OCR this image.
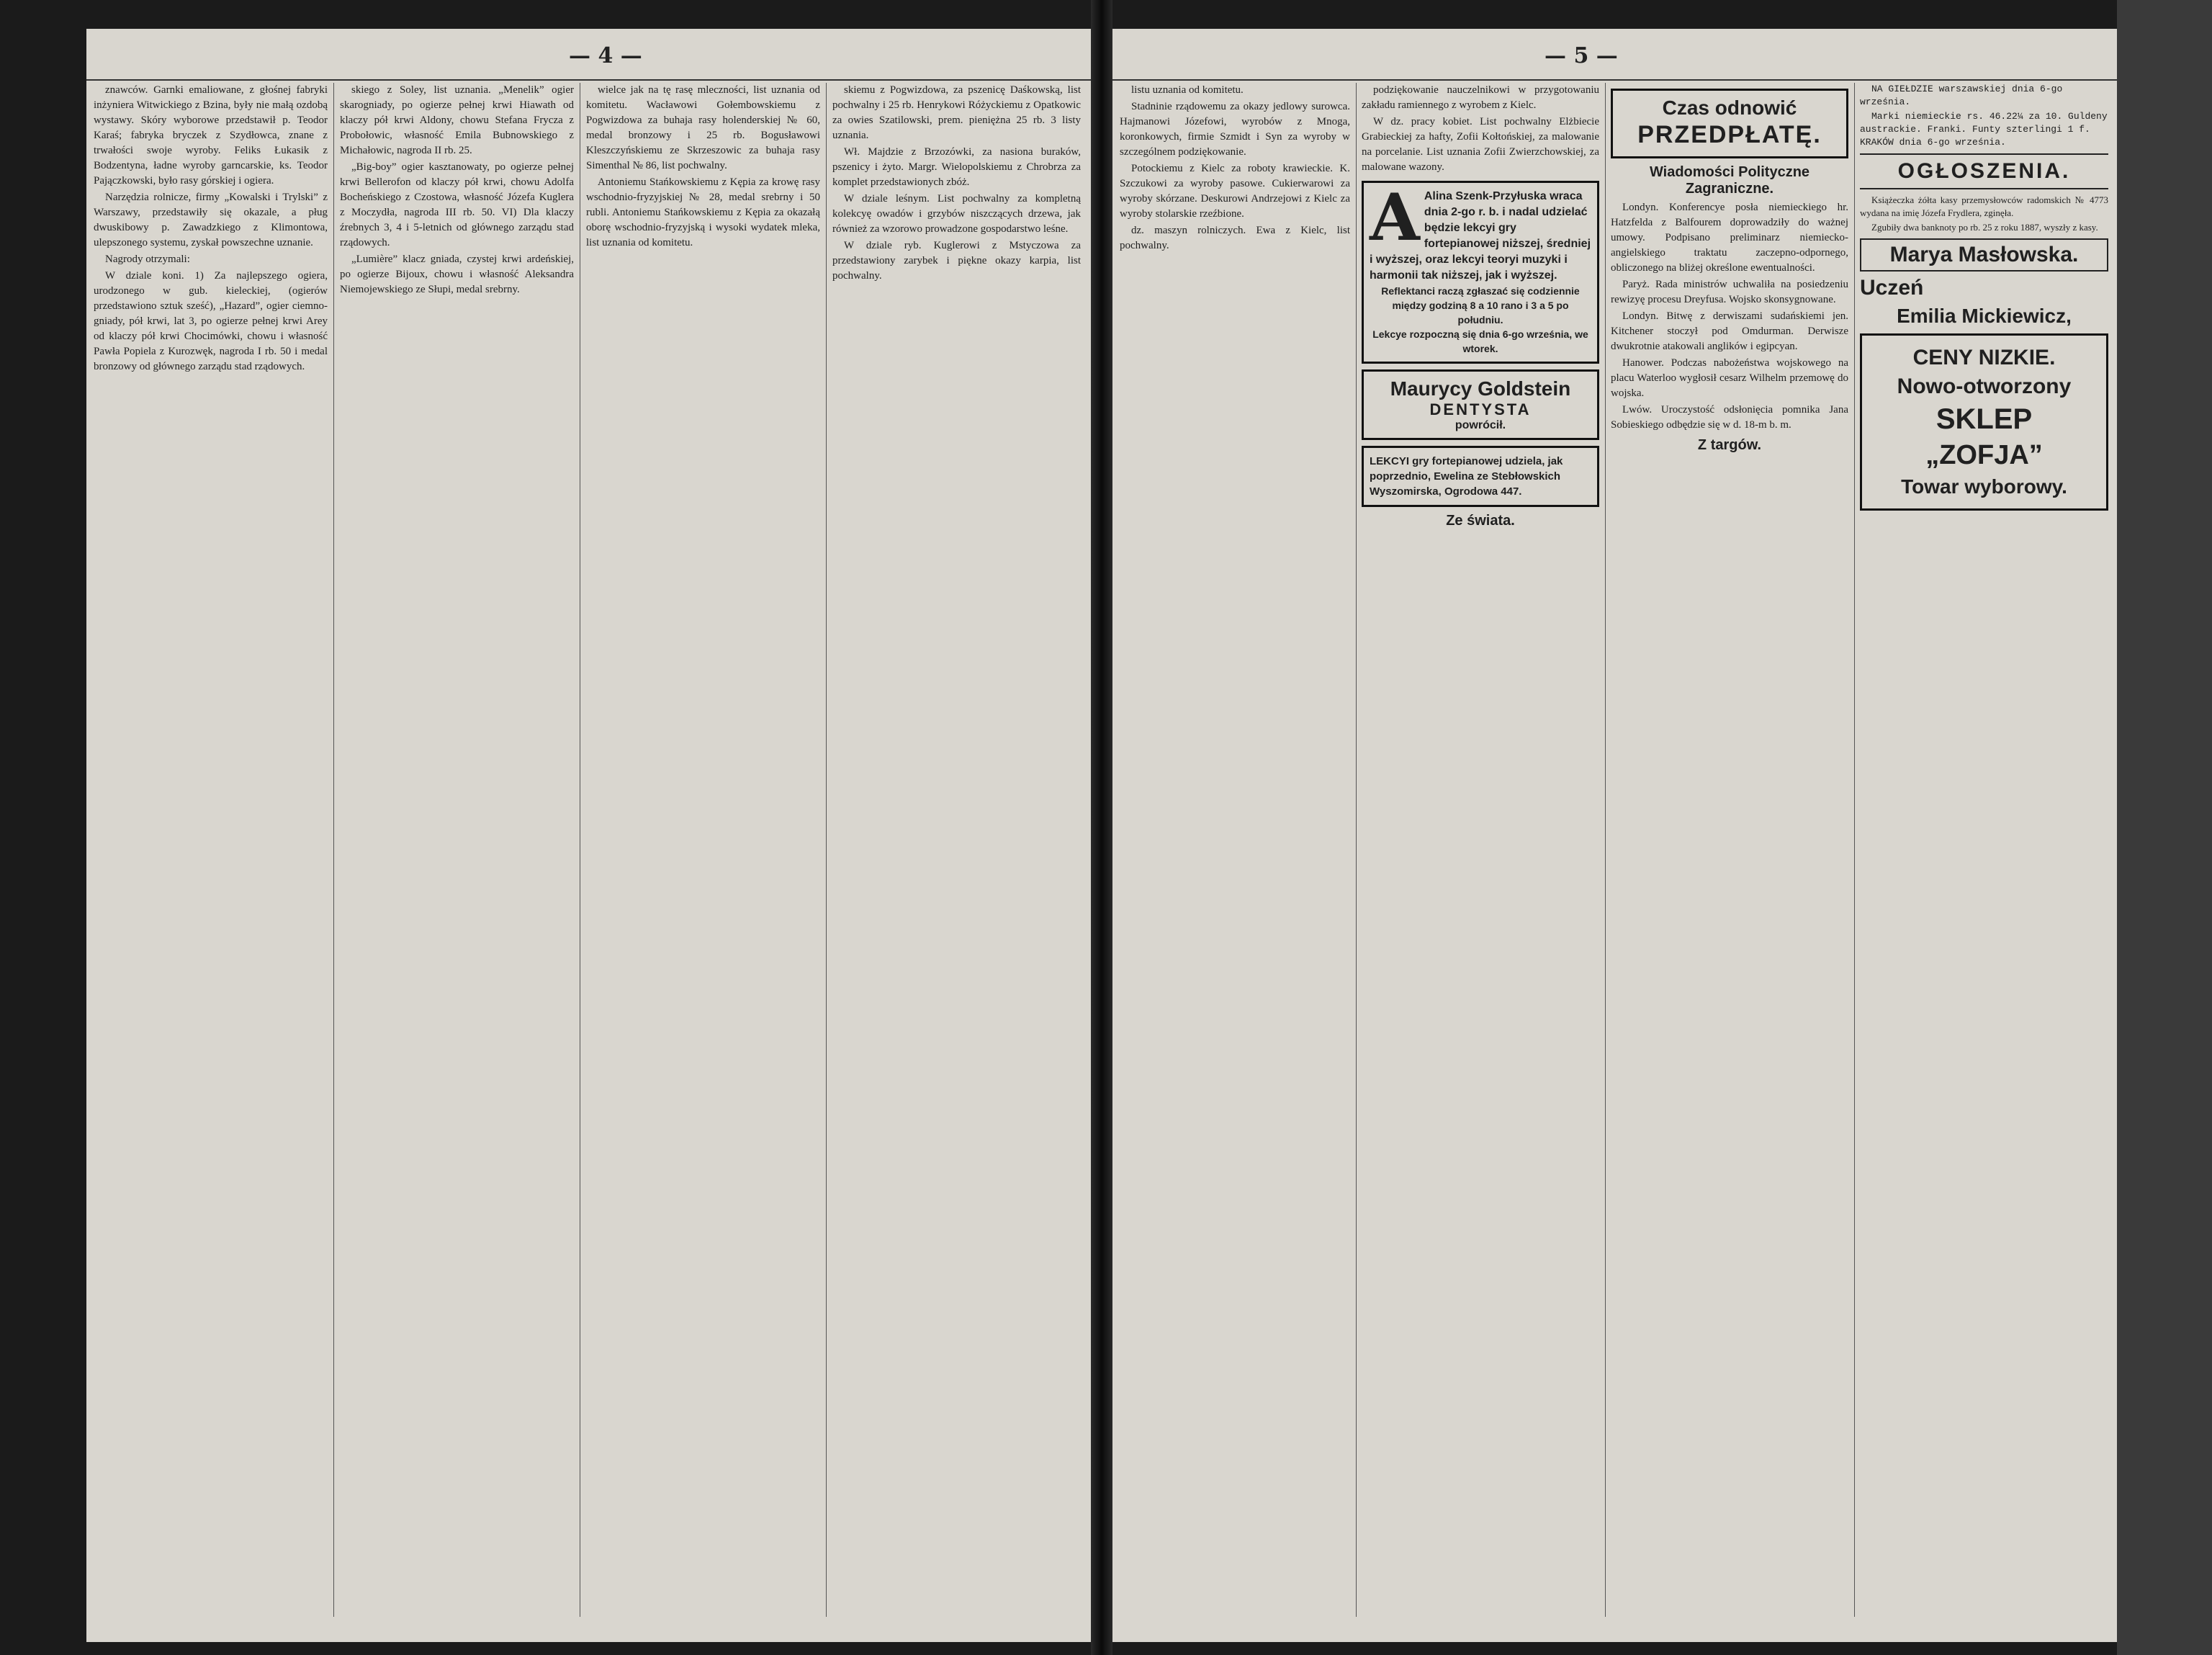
— 4 —

znawców. Garnki emaliowane, z głośnej fabryki inżyniera Witwickiego z Bzina, były nie małą ozdobą wystawy. Skóry wyborowe przedstawił p. Teodor Karaś; fabryka bryczek z Szydłowca, znane z trwałości swoje wyroby. Feliks Łukasik z Bodzentyna, ładne wyroby garncarskie, ks. Teodor Pajączkowski, było rasy górskiej i ogiera.

Narzędzia rolnicze, firmy „Kowalski i Trylski” z Warszawy, przedstawiły się okazale, a pług dwuskibowy p. Zawadzkiego z Klimontowa, ulepszonego systemu, zyskał powszechne uznanie.

Nagrody otrzymali:

W dziale koni. 1) Za najlepszego ogiera, urodzonego w gub. kieleckiej, (ogierów przedstawiono sztuk sześć), „Hazard”, ogier ciemno-gniady, pół krwi, lat 3, po ogierze pełnej krwi Arey od klaczy pół krwi Chocimówki, chowu i własność Pawła Popiela z Kurozwęk, nagroda I rb. 50 i medal bronzowy od głównego zarządu stad rządowych.

skiego z Soley, list uznania. „Menelik” ogier skarogniady, po ogierze pełnej krwi Hiawath od klaczy pół krwi Aldony, chowu Stefana Frycza z Probołowic, własność Emila Bubnowskiego z Michałowic, nagroda II rb. 25.

„Big-boy” ogier kasztanowaty, po ogierze pełnej krwi Bellerofon od klaczy pół krwi, chowu Adolfa Bocheńskiego z Czostowa, własność Józefa Kuglera z Moczydła, nagroda III rb. 50. VI) Dla klaczy źrebnych 3, 4 i 5-letnich od głównego zarządu stad rządowych.

„Lumière” klacz gniada, czystej krwi ardeńskiej, po ogierze Bijoux, chowu i własność Aleksandra Niemojewskiego ze Słupi, medal srebrny.

wielce jak na tę rasę mleczności, list uznania od komitetu. Wacławowi Gołembowskiemu z Pogwizdowa za buhaja rasy holenderskiej № 60, medal bronzowy i 25 rb. Bogusławowi Kleszczyńskiemu ze Skrzeszowic za buhaja rasy Simenthal № 86, list pochwalny.

Antoniemu Stańkowskiemu z Kępia za krowę rasy wschodnio-fryzyjskiej № 28, medal srebrny i 50 rubli. Antoniemu Stańkowskiemu z Kępia za okazałą oborę wschodnio-fryzyjską i wysoki wydatek mleka, list uznania od komitetu.

skiemu z Pogwizdowa, za pszenicę Daśkowską, list pochwalny i 25 rb. Henrykowi Różyckiemu z Opatkowic za owies Szatilowski, prem. pieniężna 25 rb. 3 listy uznania.

Wł. Majdzie z Brzozówki, za nasiona buraków, pszenicy i żyto. Margr. Wielopolskiemu z Chrobrza za komplet przedstawionych zbóż.

W dziale leśnym. List pochwalny za kompletną kolekcyę owadów i grzybów niszczących drzewa, jak również za wzorowo prowadzone gospodarstwo leśne.

W dziale ryb. Kuglerowi z Mstyczowa za przedstawiony zarybek i piękne okazy karpia, list pochwalny.

— 5 —

listu uznania od komitetu.

Stadninie rządowemu za okazy jedlowy surowca. Hajmanowi Józefowi, wyrobów z Mnoga, koronkowych, firmie Szmidt i Syn za wyroby w szczególnem podziękowanie.

Potockiemu z Kielc za roboty krawieckie. K. Szczukowi za wyroby pasowe. Cukierwarowi za wyroby skórzane. Deskurowi Andrzejowi z Kielc za wyroby stolarskie rzeźbione.

dz. maszyn rolniczych. Ewa z Kielc, list pochwalny.

podziękowanie nauczelnikowi w przygotowaniu zakładu ramiennego z wyrobem z Kielc.

W dz. pracy kobiet. List pochwalny Elżbiecie Grabieckiej za hafty, Zofii Kołtońskiej, za malowanie na porcelanie. List uznania Zofii Zwierzchowskiej, za malowane wazony.

A Alina Szenk-Przyłuska wraca dnia 2-go r. b. i nadal udzielać będzie lekcyi gry fortepianowej niższej, średniej i wyższej, oraz lekcyi teoryi muzyki i harmonii tak niższej, jak i wyższej.
Reflektanci raczą zgłaszać się codziennie między godziną 8 a 10 rano i 3 a 5 po południu.
Lekcye rozpoczną się dnia 6-go września, we wtorek.
Maurycy Goldstein
DENTYSTA
powrócił.
LEKCYI gry fortepianowej udziela, jak poprzednio, Ewelina ze Stebłowskich Wyszomirska, Ogrodowa 447.
Ze świata.
Czas odnowić
PRZEDPŁATĘ.
Wiadomości Polityczne Zagraniczne.

Londyn. Konferencye posła niemieckiego hr. Hatzfelda z Balfourem doprowadziły do ważnej umowy. Podpisano preliminarz niemiecko-angielskiego traktatu zaczepno-odpornego, obliczonego na bliżej określone ewentualności.

Paryż. Rada ministrów uchwaliła na posiedzeniu rewizyę procesu Dreyfusa. Wojsko skonsygnowane.

Londyn. Bitwę z derwiszami sudańskiemi jen. Kitchener stoczył pod Omdurman. Derwisze dwukrotnie atakowali anglików i egipcyan.

Hanower. Podczas nabożeństwa wojskowego na placu Waterloo wygłosił cesarz Wilhelm przemowę do wojska.

Lwów. Uroczystość odsłonięcia pomnika Jana Sobieskiego odbędzie się w d. 18-m b. m.

Z targów.

NA GIEŁDZIE warszawskiej dnia 6-go września.

Marki niemieckie rs. 46.22¼ za 10. Guldeny austrackie. Franki. Funty szterlingi 1 f. KRAKÓW dnia 6-go września.

OGŁOSZENIA.

Książeczka żółta kasy przemysłowców radomskich № 4773 wydana na imię Józefa Frydlera, zginęła.

Zgubiły dwa banknoty po rb. 25 z roku 1887, wyszły z kasy.

Marya Masłowska.
Uczeń
Emilia Mickiewicz,
CENY NIZKIE.
Nowo-otworzony
SKLEP
„ZOFJA”
Towar wyborowy.
